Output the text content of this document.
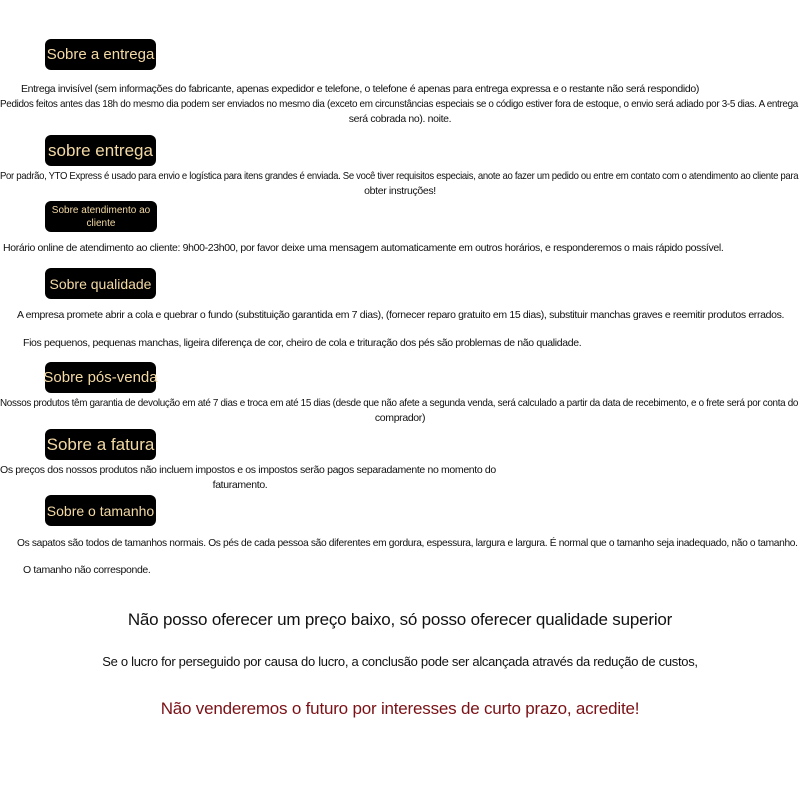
Sobre a entrega
Entrega invisível (sem informações do fabricante, apenas expedidor e telefone, o telefone é apenas para entrega expressa e o restante não será respondido)
Pedidos feitos antes das 18h do mesmo dia podem ser enviados no mesmo dia (exceto em circunstâncias especiais se o código estiver fora de estoque, o envio será adiado por 3-5 dias. A entrega
será cobrada no). noite.
sobre entrega
Por padrão, YTO Express é usado para envio e logística para itens grandes é enviada. Se você tiver requisitos especiais, anote ao fazer um pedido ou entre em contato com o atendimento ao cliente para
obter instruções!
Sobre atendimento ao
cliente
Horário online de atendimento ao cliente: 9h00-23h00, por favor deixe uma mensagem automaticamente em outros horários, e responderemos o mais rápido possível.
Sobre qualidade
A empresa promete abrir a cola e quebrar o fundo (substituição garantida em 7 dias), (fornecer reparo gratuito em 15 dias), substituir manchas graves e reemitir produtos errados.
Fios pequenos, pequenas manchas, ligeira diferença de cor, cheiro de cola e trituração dos pés são problemas de não qualidade.
Sobre pós-venda
Nossos produtos têm garantia de devolução em até 7 dias e troca em até 15 dias (desde que não afete a segunda venda, será calculado a partir da data de recebimento, e o frete será por conta do
comprador)
Sobre a fatura
Os preços dos nossos produtos não incluem impostos e os impostos serão pagos separadamente no momento do
faturamento.
Sobre o tamanho
Os sapatos são todos de tamanhos normais. Os pés de cada pessoa são diferentes em gordura, espessura, largura e largura. É normal que o tamanho seja inadequado, não o tamanho.
O tamanho não corresponde.
Não posso oferecer um preço baixo, só posso oferecer qualidade superior
Se o lucro for perseguido por causa do lucro, a conclusão pode ser alcançada através da redução de custos,
Não venderemos o futuro por interesses de curto prazo, acredite!
